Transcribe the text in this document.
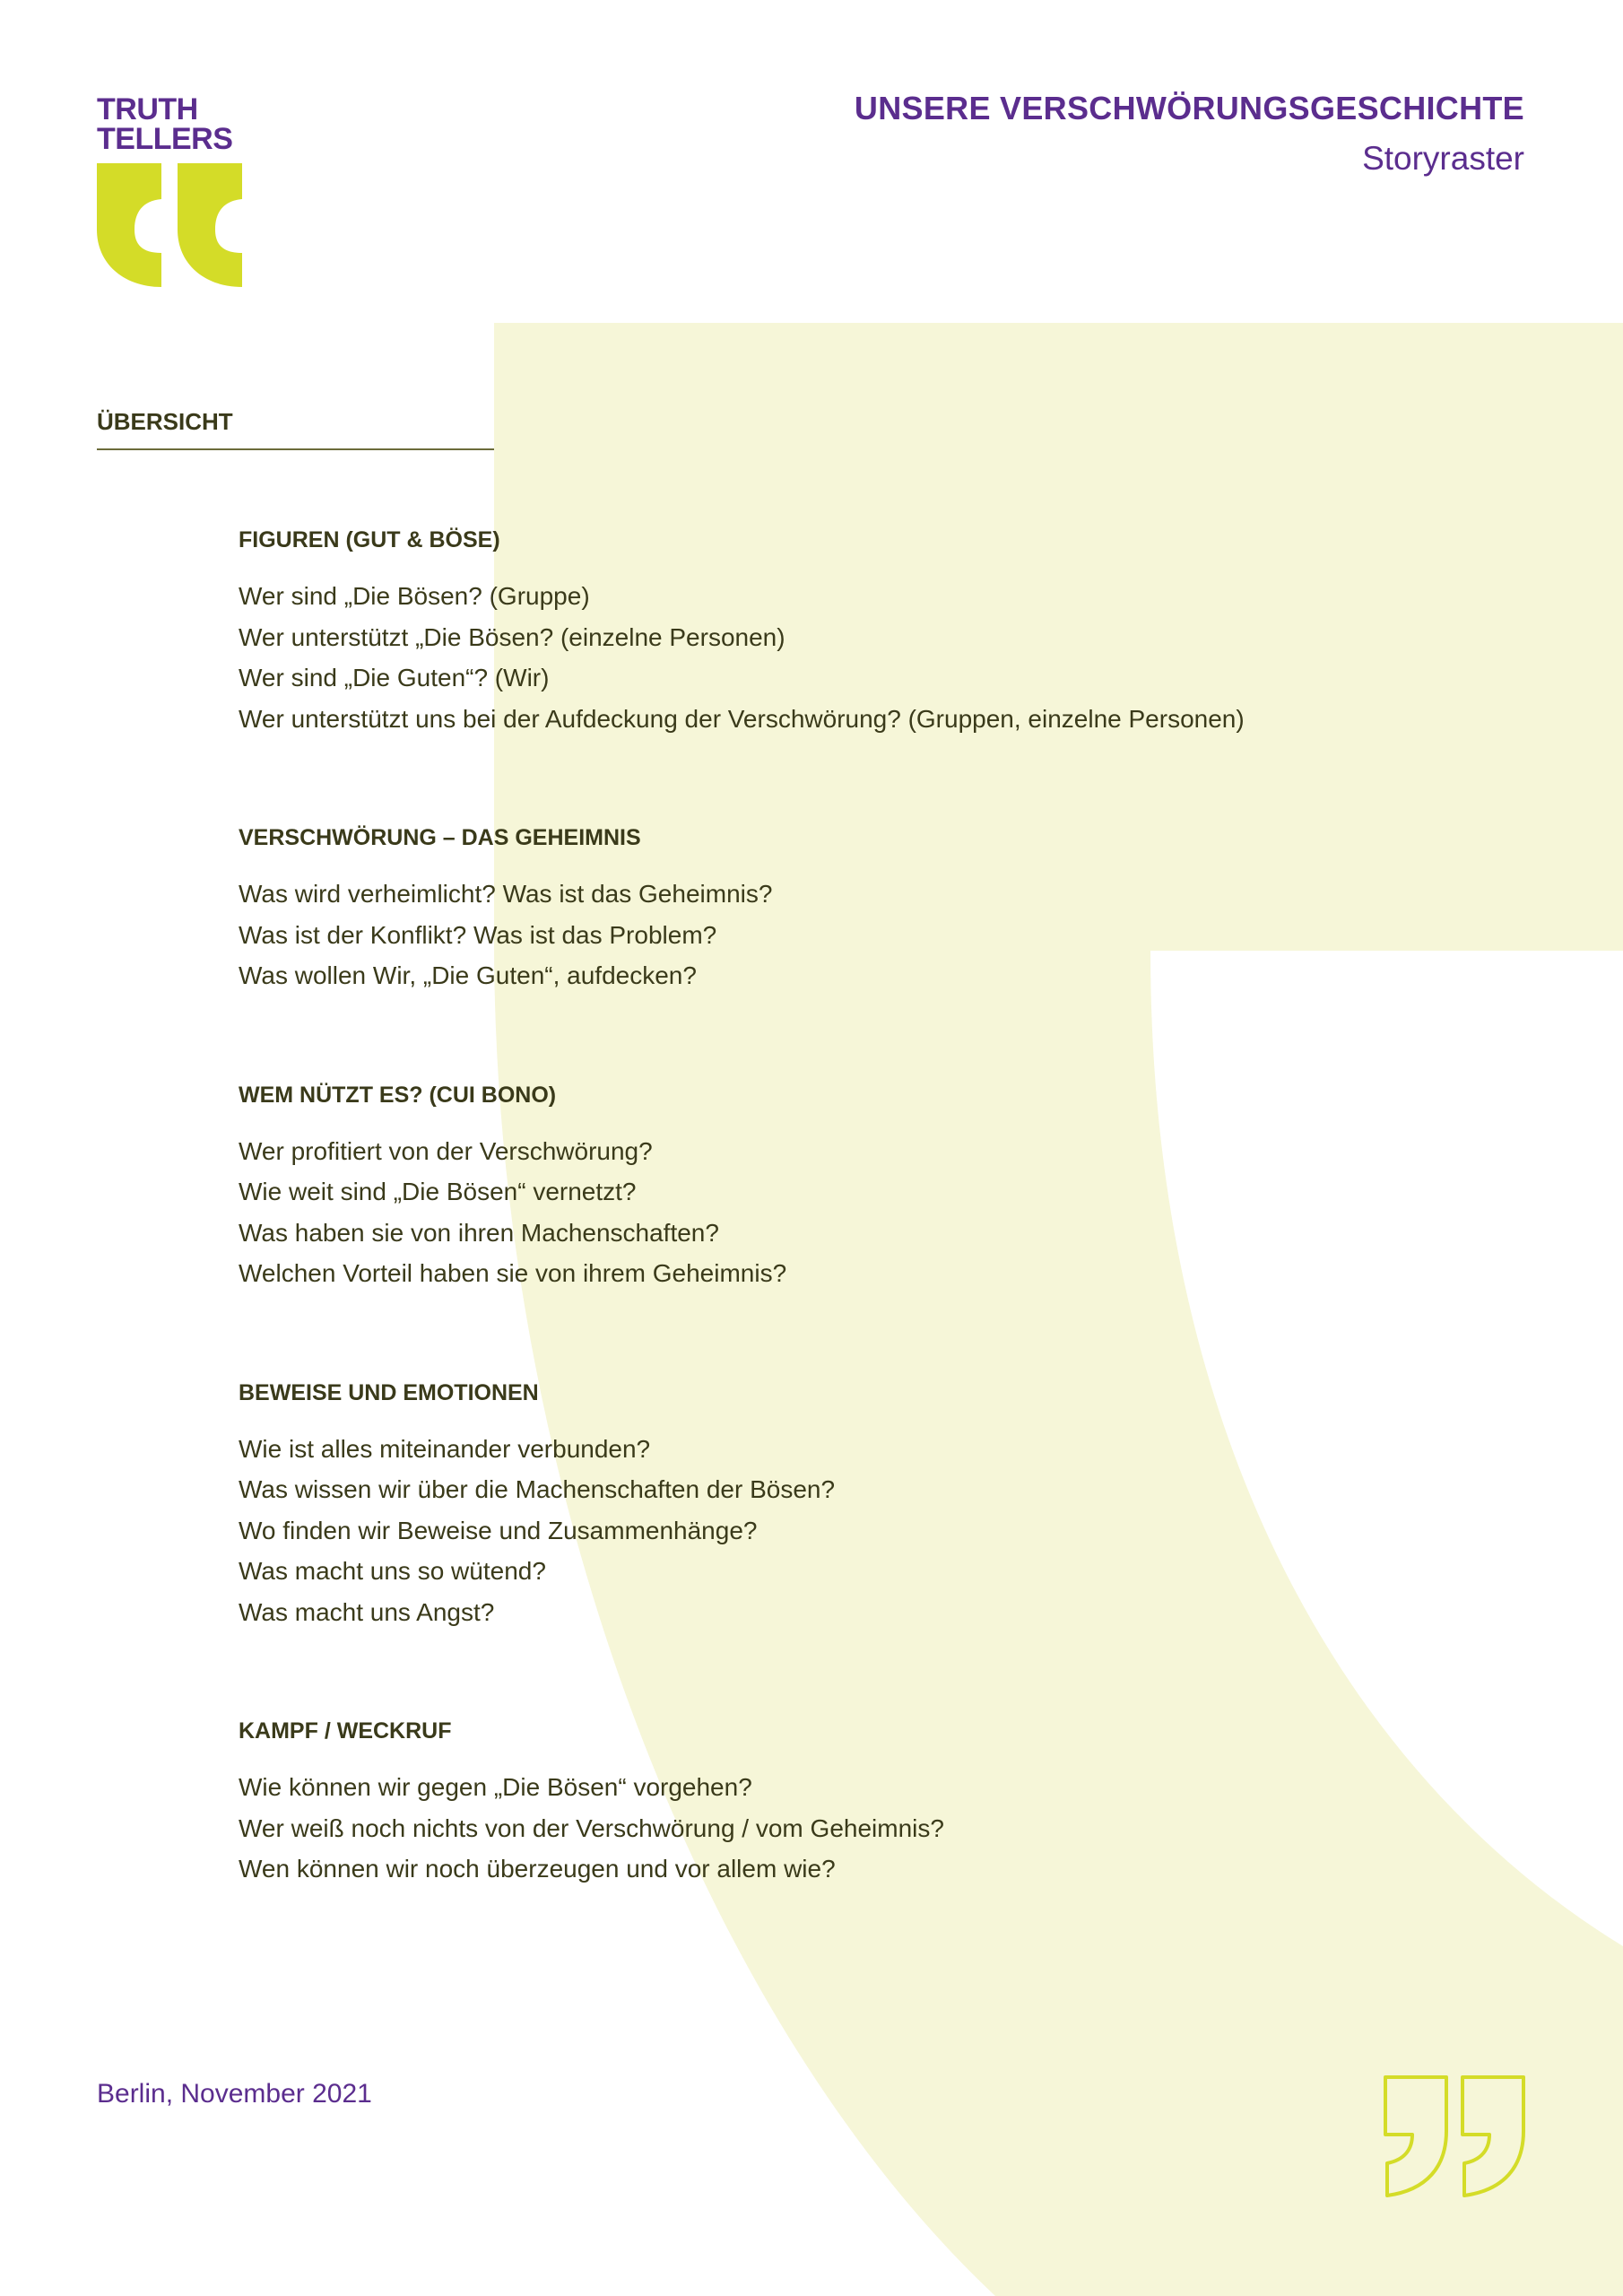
TRUTH
TELLERS
UNSERE VERSCHWÖRUNGSGESCHICHTE
Storyraster
ÜBERSICHT
FIGUREN (GUT & BÖSE)
Wer sind „Die Bösen? (Gruppe)
Wer unterstützt „Die Bösen? (einzelne Personen)
Wer sind „Die Guten“? (Wir)
Wer unterstützt uns bei der Aufdeckung der Verschwörung? (Gruppen, einzelne Personen)
VERSCHWÖRUNG – DAS GEHEIMNIS
Was wird verheimlicht? Was ist das Geheimnis?
Was ist der Konflikt? Was ist das Problem?
Was wollen Wir, „Die Guten“, aufdecken?
WEM NÜTZT ES? (CUI BONO)
Wer profitiert von der Verschwörung?
Wie weit sind „Die Bösen“ vernetzt?
Was haben sie von ihren Machenschaften?
Welchen Vorteil haben sie von ihrem Geheimnis?
BEWEISE UND EMOTIONEN
Wie ist alles miteinander verbunden?
Was wissen wir über die Machenschaften der Bösen?
Wo finden wir Beweise und Zusammenhänge?
Was macht uns so wütend?
Was macht uns Angst?
KAMPF / WECKRUF
Wie können wir gegen „Die Bösen“ vorgehen?
Wer weiß noch nichts von der Verschwörung / vom Geheimnis?
Wen können wir noch überzeugen und vor allem wie?
Berlin, November 2021
